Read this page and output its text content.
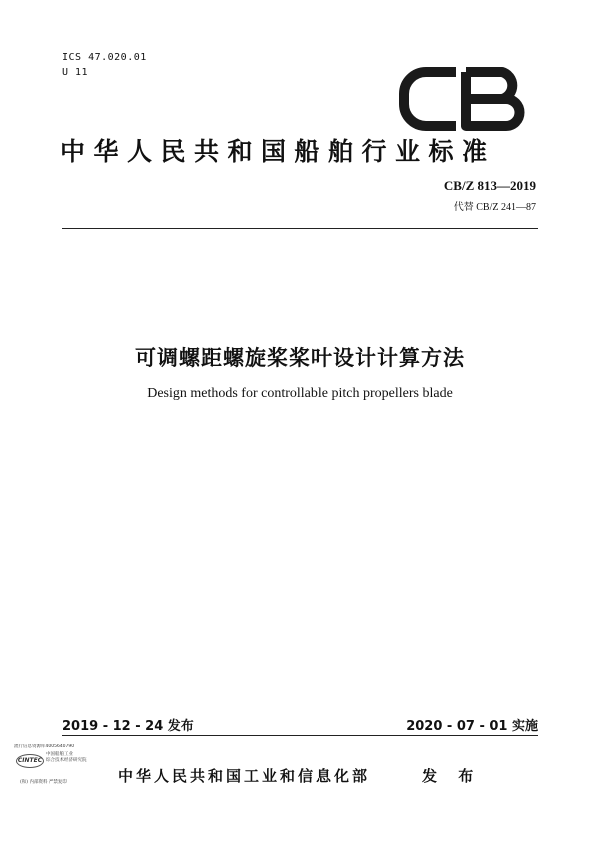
ICS 47.020.01
U 11
中华人民共和国船舶行业标准
CB/Z 813—2019
代替 CB/Z 241—87
可调螺距螺旋桨桨叶设计计算方法
Design methods for controllable pitch propellers blade
2019 - 12 - 24 发布	2020 - 07 - 01 实施
流行信息资源库4005640790
CINTEC
中国船舶工业
综合技术经济研究院
(和) 内部资料 严禁复印	中华人民共和国工业和信息化部	发 布
